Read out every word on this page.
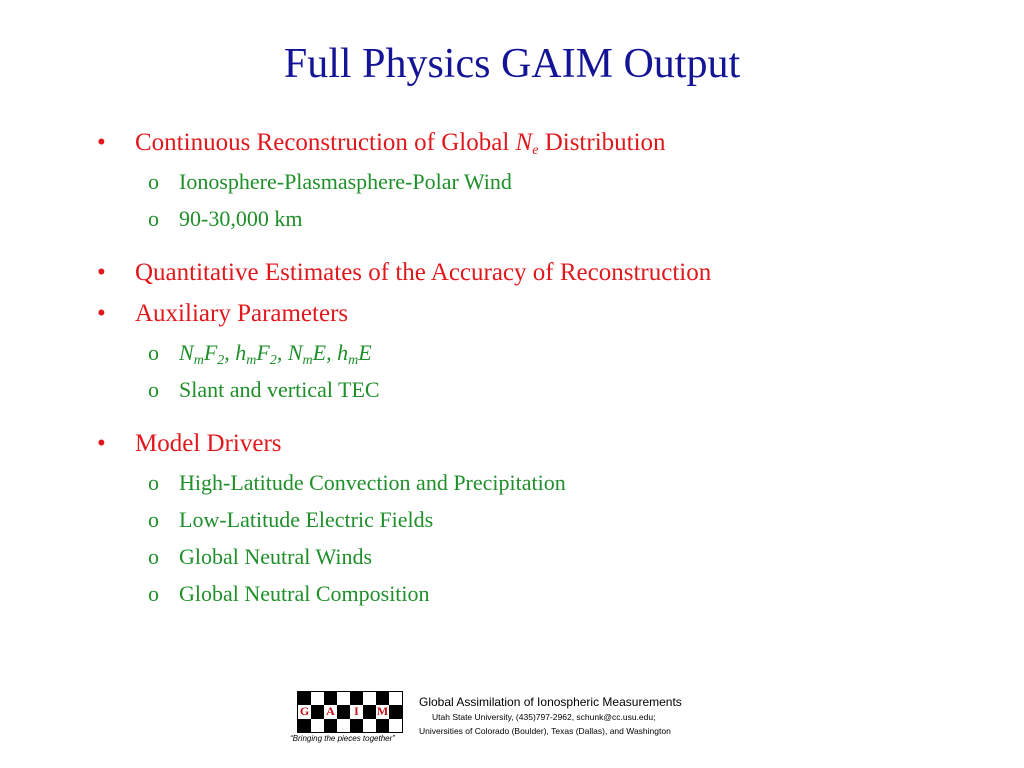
Full Physics GAIM Output
•	Continuous Reconstruction of Global $N_e$ Distribution
o Ionosphere-Plasmasphere-Polar Wind
o 90-30,000 km
•	Quantitative Estimates of the Accuracy of Reconstruction
•	Auxiliary Parameters
o $N_mF_2$, $h_mF_2$, $N_mE$, $h_mE$
o Slant and vertical TEC
•	Model Drivers
o High-Latitude Convection and Precipitation
o Low-Latitude Electric Fields
o Global Neutral Winds
o Global Neutral Composition
G A	I	M
“Bringing the pieces together”
Global Assimilation of Ionospheric Measurements
Utah State University, (435)797-2962, schunk@cc.usu.edu;
Universities of Colorado (Boulder), Texas (Dallas), and Washington
